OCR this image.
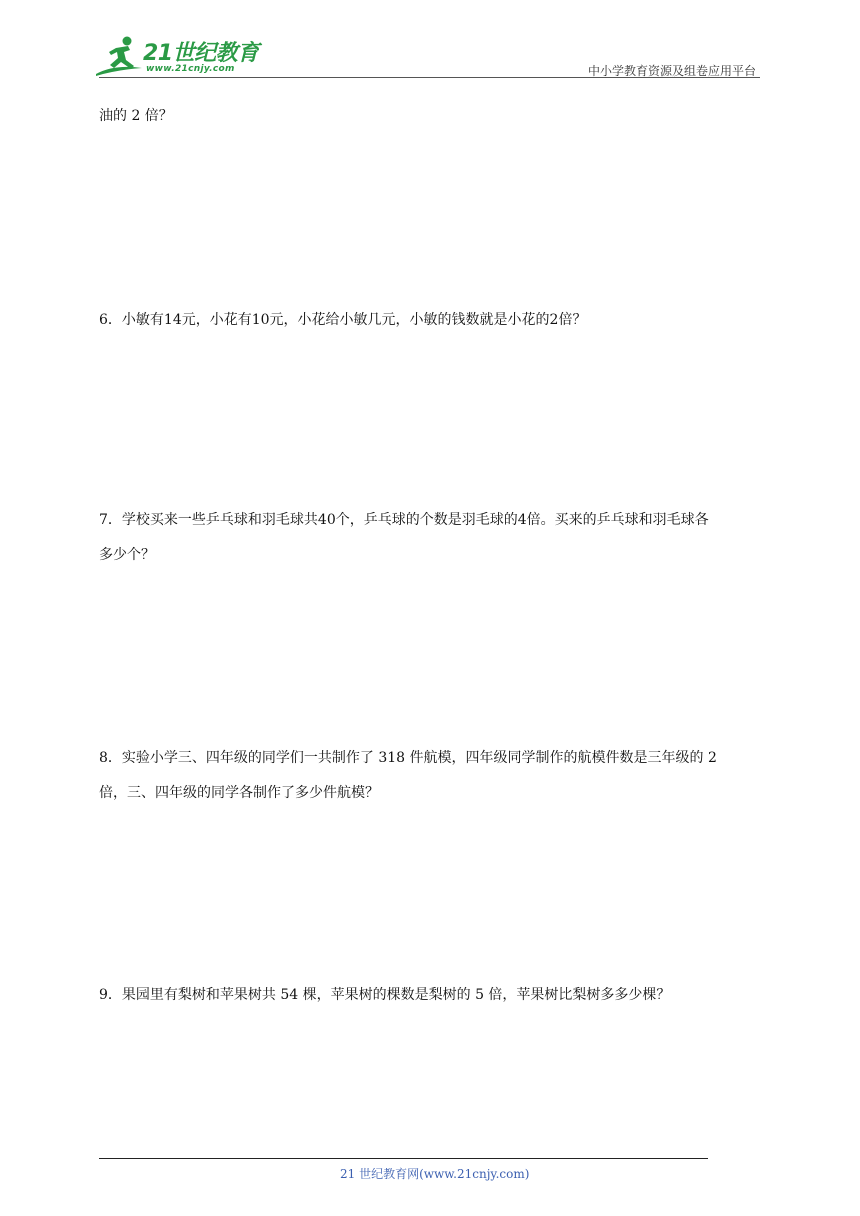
21世纪教育
www.21cnjy.com	中小学教育资源及组卷应用平台
油的 2 倍？
6．小敏有14元，小花有10元，小花给小敏几元，小敏的钱数就是小花的2倍？
7．学校买来一些乒乓球和羽毛球共40个，乒乓球的个数是羽毛球的4倍。买来的乒乓球和羽毛球各
多少个？
8．实验小学三、四年级的同学们一共制作了 318 件航模，四年级同学制作的航模件数是三年级的 2
倍，三、四年级的同学各制作了多少件航模？
9．果园里有梨树和苹果树共 54 棵，苹果树的棵数是梨树的 5 倍，苹果树比梨树多多少棵？
21 世纪教育网(www.21cnjy.com)
